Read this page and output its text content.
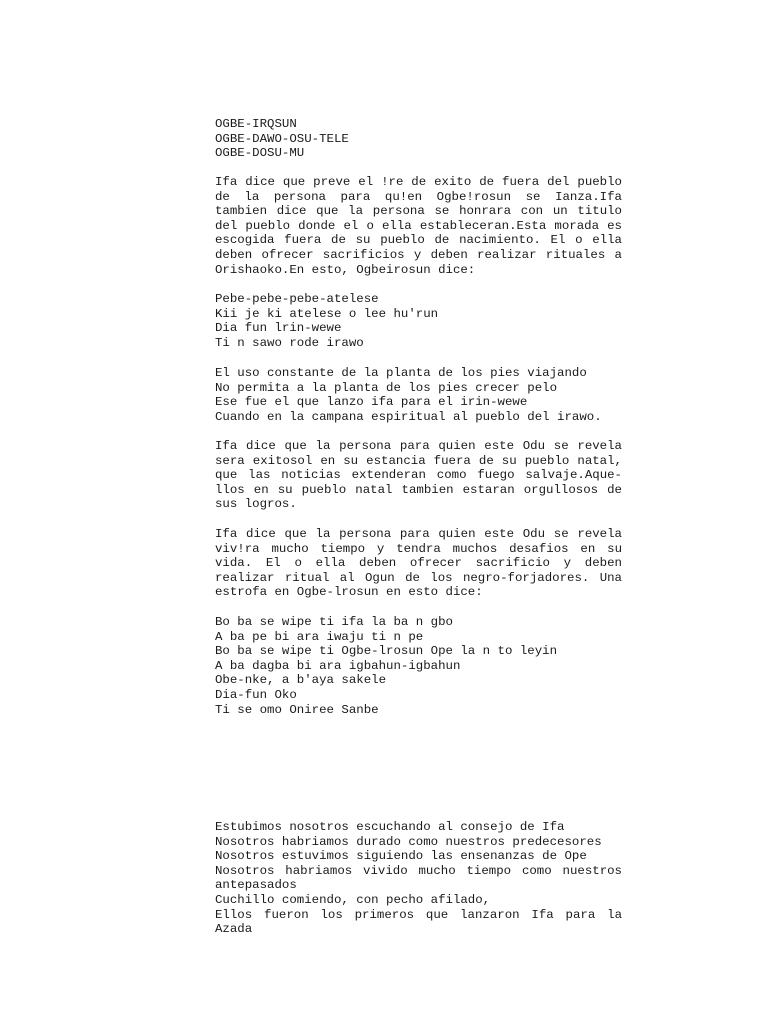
OGBE-IRQSUN
OGBE-DAWO-OSU-TELE
OGBE-DOSU-MU
Ifa dice que preve el !re de exito de fuera del pueblo
de la persona para qu!en Ogbe!rosun se Ianza.Ifa
tambien dice que la persona se honrara con un titulo
del pueblo donde el o ella estableceran.Esta morada es
escogida fuera de su pueblo de nacimiento. El o ella
deben ofrecer sacrificios y deben realizar rituales a
Orishaoko.En esto, Ogbeirosun dice:
Pebe-pebe-pebe-atelese
Kii je ki atelese o lee hu'run
Dia fun lrin-wewe
Ti n sawo rode irawo
El uso constante de la planta de los pies viajando
No permita a la planta de los pies crecer pelo
Ese fue el que lanzo ifa para el irin-wewe
Cuando en la campana espiritual al pueblo del irawo.
Ifa dice que la persona para quien este Odu se revela
sera exitosol en su estancia fuera de su pueblo natal,
que las noticias extenderan como fuego salvaje.Aque-
llos en su pueblo natal tambien estaran orgullosos de
sus logros.
Ifa dice que la persona para quien este Odu se revela
viv!ra mucho tiempo y tendra muchos desafios en su
vida. El o ella deben ofrecer sacrificio y deben
realizar ritual al Ogun de los negro-forjadores. Una
estrofa en Ogbe-lrosun en esto dice:
Bo ba se wipe ti ifa la ba n gbo
A ba pe bi ara iwaju ti n pe
Bo ba se wipe ti Ogbe-lrosun Ope la n to leyin
A ba dagba bi ara igbahun-igbahun
Obe-nke, a b'aya sakele
Dia-fun Oko
Ti se omo Oniree Sanbe
Estubimos nosotros escuchando al consejo de Ifa
Nosotros habriamos durado como nuestros predecesores
Nosotros estuvimos siguiendo las ensenanzas de Ope
Nosotros habriamos vivido mucho tiempo como nuestros
antepasados
Cuchillo comiendo, con pecho afilado,
Ellos fueron los primeros que lanzaron Ifa para la
Azada
